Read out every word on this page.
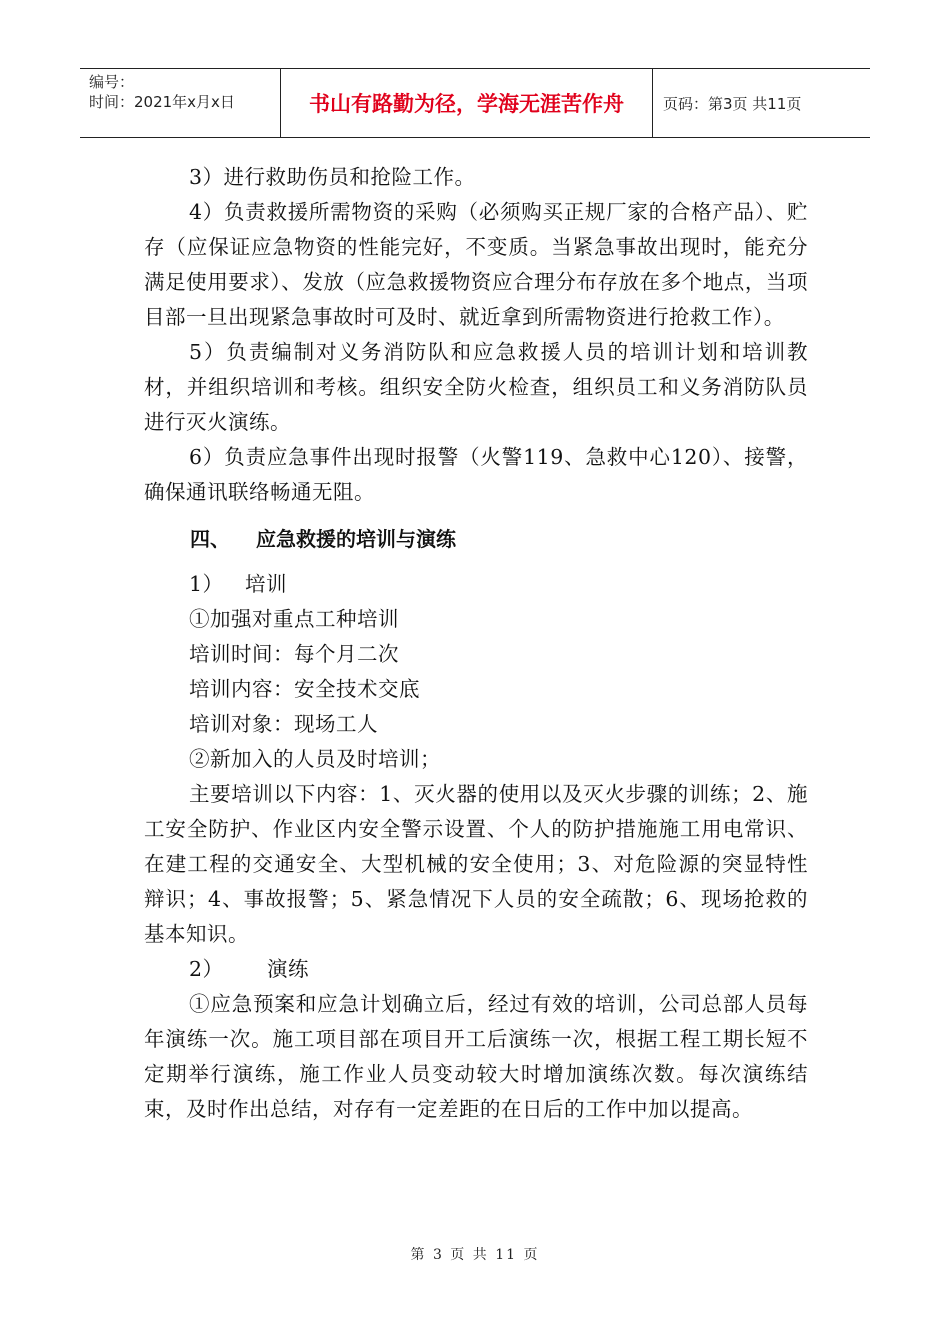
编号：
时间：2021年x月x日	书山有路勤为径，学海无涯苦作舟	页码：第3页 共11页

3）进行救助伤员和抢险工作。

4）负责救援所需物资的采购（必须购买正规厂家的合格产品）、贮存（应保证应急物资的性能完好，不变质。当紧急事故出现时，能充分满足使用要求）、发放（应急救援物资应合理分布存放在多个地点，当项目部一旦出现紧急事故时可及时、就近拿到所需物资进行抢救工作）。

5）负责编制对义务消防队和应急救援人员的培训计划和培训教材，并组织培训和考核。组织安全防火检查，组织员工和义务消防队员进行灭火演练。

6）负责应急事件出现时报警（火警119、急救中心120）、接警，确保通讯联络畅通无阻。

四、 应急救援的培训与演练

1） 培训

①加强对重点工种培训

培训时间：每个月二次

培训内容：安全技术交底

培训对象：现场工人

②新加入的人员及时培训；

主要培训以下内容：1、灭火器的使用以及灭火步骤的训练；2、施工安全防护、作业区内安全警示设置、个人的防护措施施工用电常识、在建工程的交通安全、大型机械的安全使用；3、对危险源的突显特性辩识；4、事故报警；5、紧急情况下人员的安全疏散；6、现场抢救的基本知识。

2） 演练

①应急预案和应急计划确立后，经过有效的培训，公司总部人员每年演练一次。施工项目部在项目开工后演练一次，根据工程工期长短不定期举行演练，施工作业人员变动较大时增加演练次数。每次演练结束，及时作出总结，对存有一定差距的在日后的工作中加以提高。

第 3 页 共 11 页
